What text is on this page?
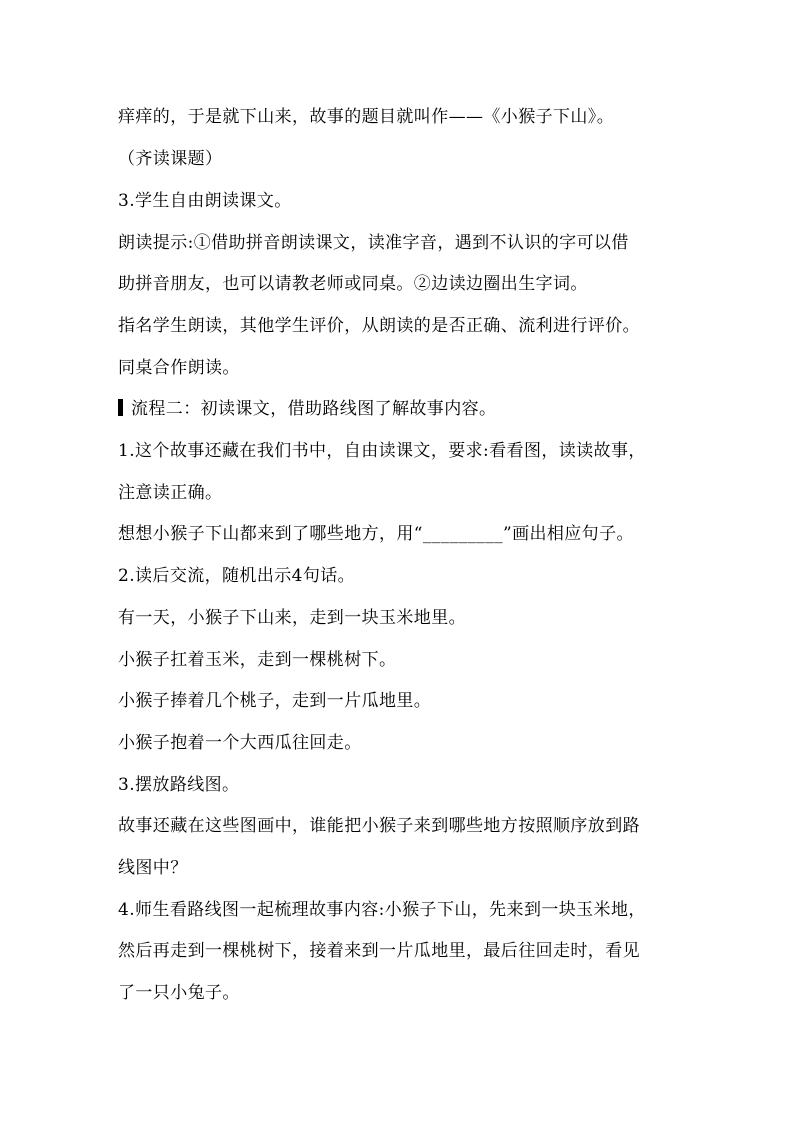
痒痒的，于是就下山来，故事的题目就叫作——《小猴子下山》。
（齐读课题）
3.学生自由朗读课文。
朗读提示:①借助拼音朗读课文，读准字音，遇到不认识的字可以借
助拼音朋友，也可以请教老师或同桌。②边读边圈出生字词。
指名学生朗读，其他学生评价，从朗读的是否正确、流利进行评价。
同桌合作朗读。
流程二：初读课文，借助路线图了解故事内容。
1.这个故事还藏在我们书中，自由读课文，要求:看看图，读读故事，
注意读正确。
想想小猴子下山都来到了哪些地方，用“_________”画出相应句子。
2.读后交流，随机出示4句话。
有一天，小猴子下山来，走到一块玉米地里。
小猴子扛着玉米，走到一棵桃树下。
小猴子捧着几个桃子，走到一片瓜地里。
小猴子抱着一个大西瓜往回走。
3.摆放路线图。
故事还藏在这些图画中，谁能把小猴子来到哪些地方按照顺序放到路
线图中？
4.师生看路线图一起梳理故事内容:小猴子下山，先来到一块玉米地，
然后再走到一棵桃树下，接着来到一片瓜地里，最后往回走时，看见
了一只小兔子。
